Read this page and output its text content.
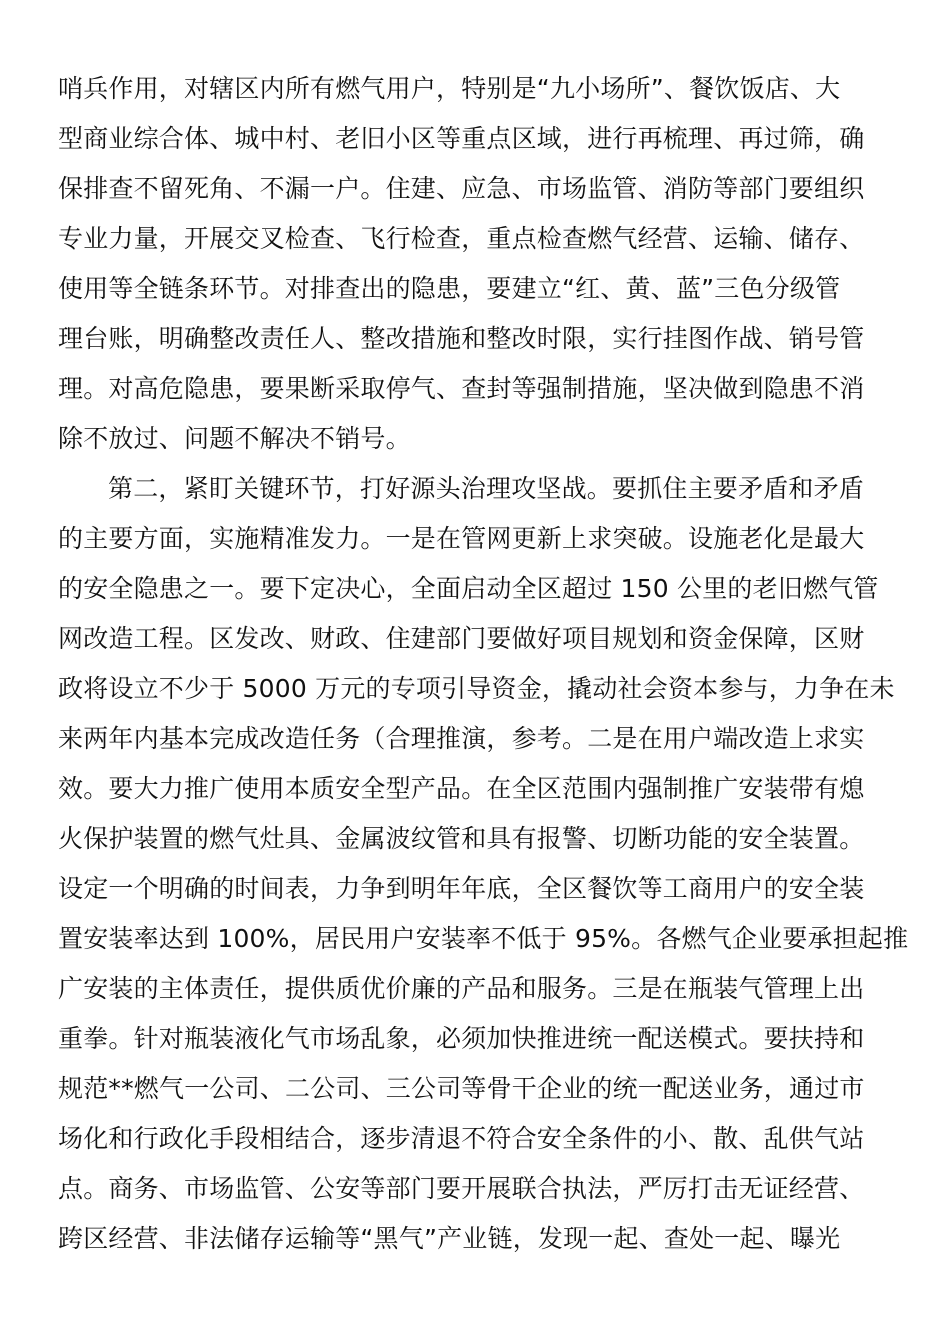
哨兵作用，对辖区内所有燃气用户，特别是“九小场所”、餐饮饭店、大
型商业综合体、城中村、老旧小区等重点区域，进行再梳理、再过筛，确
保排查不留死角、不漏一户。住建、应急、市场监管、消防等部门要组织
专业力量，开展交叉检查、飞行检查，重点检查燃气经营、运输、储存、
使用等全链条环节。对排查出的隐患，要建立“红、黄、蓝”三色分级管
理台账，明确整改责任人、整改措施和整改时限，实行挂图作战、销号管
理。对高危隐患，要果断采取停气、查封等强制措施，坚决做到隐患不消
除不放过、问题不解决不销号。
第二，紧盯关键环节，打好源头治理攻坚战。要抓住主要矛盾和矛盾
的主要方面，实施精准发力。一是在管网更新上求突破。设施老化是最大
的安全隐患之一。要下定决心，全面启动全区超过 150 公里的老旧燃气管
网改造工程。区发改、财政、住建部门要做好项目规划和资金保障，区财
政将设立不少于 5000 万元的专项引导资金，撬动社会资本参与，力争在未
来两年内基本完成改造任务（合理推演，参考。二是在用户端改造上求实
效。要大力推广使用本质安全型产品。在全区范围内强制推广安装带有熄
火保护装置的燃气灶具、金属波纹管和具有报警、切断功能的安全装置。
设定一个明确的时间表，力争到明年年底，全区餐饮等工商用户的安全装
置安装率达到 100%，居民用户安装率不低于 95%。各燃气企业要承担起推
广安装的主体责任，提供质优价廉的产品和服务。三是在瓶装气管理上出
重拳。针对瓶装液化气市场乱象，必须加快推进统一配送模式。要扶持和
规范**燃气一公司、二公司、三公司等骨干企业的统一配送业务，通过市
场化和行政化手段相结合，逐步清退不符合安全条件的小、散、乱供气站
点。商务、市场监管、公安等部门要开展联合执法，严厉打击无证经营、
跨区经营、非法储存运输等“黑气”产业链，发现一起、查处一起、曝光
